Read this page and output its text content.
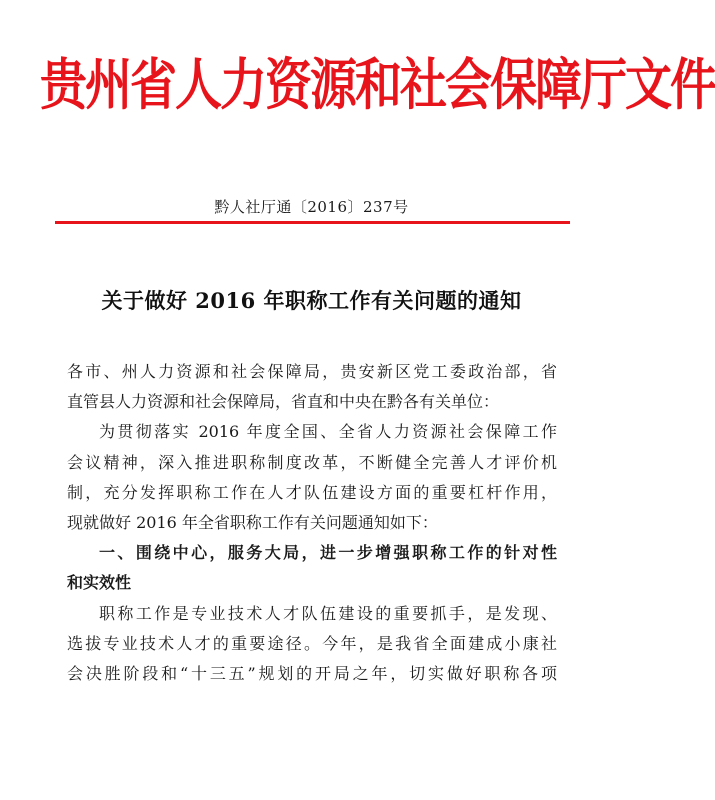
贵州省人力资源和社会保障厅文件
黔人社厅通〔2016〕237号
关于做好 2016 年职称工作有关问题的通知
各市、州人力资源和社会保障局，贵安新区党工委政治部，省
直管县人力资源和社会保障局，省直和中央在黔各有关单位：
为贯彻落实 2016 年度全国、全省人力资源社会保障工作
会议精神，深入推进职称制度改革，不断健全完善人才评价机
制，充分发挥职称工作在人才队伍建设方面的重要杠杆作用，
现就做好 2016 年全省职称工作有关问题通知如下：
一、围绕中心，服务大局，进一步增强职称工作的针对性
和实效性
职称工作是专业技术人才队伍建设的重要抓手，是发现、
选拔专业技术人才的重要途径。今年，是我省全面建成小康社
会决胜阶段和“十三五”规划的开局之年，切实做好职称各项
